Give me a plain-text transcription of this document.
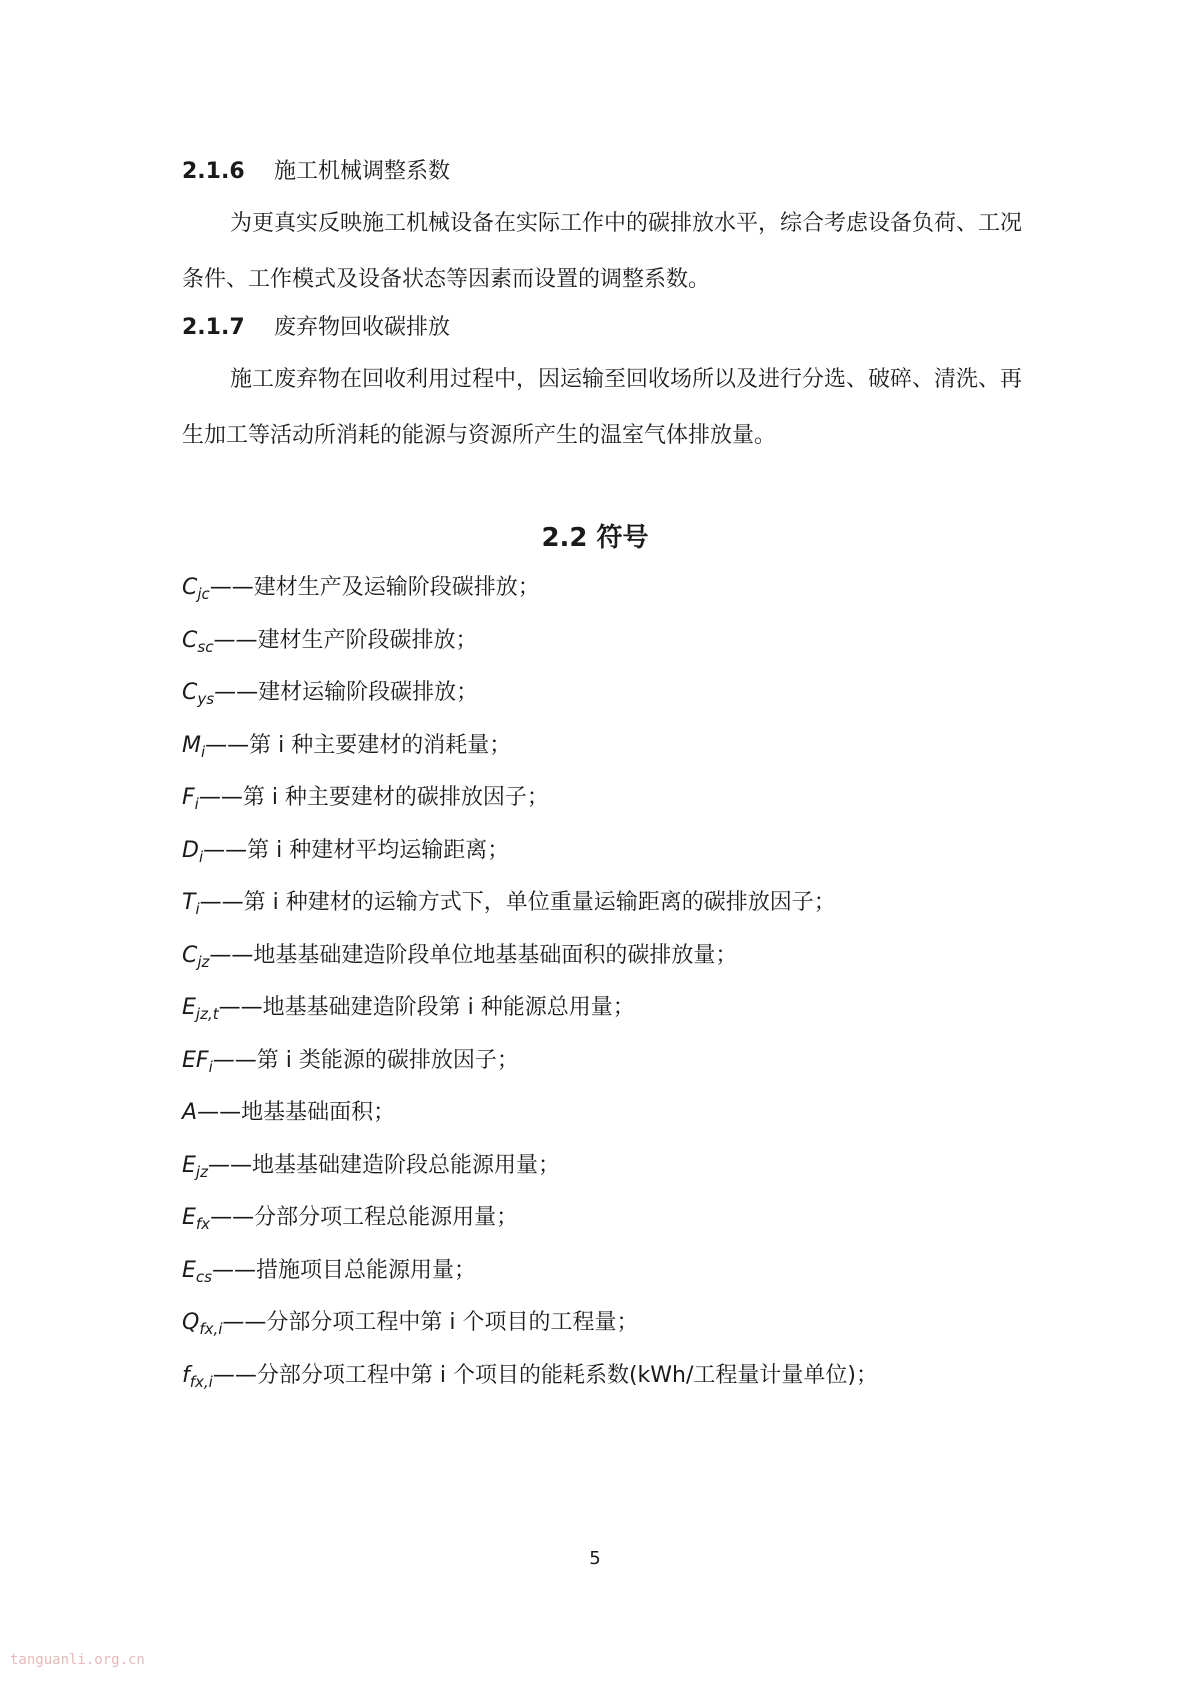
2.1.6 施工机械调整系数
为更真实反映施工机械设备在实际工作中的碳排放水平，综合考虑设备负荷、工况条件、工作模式及设备状态等因素而设置的调整系数。
2.1.7 废弃物回收碳排放
施工废弃物在回收利用过程中，因运输至回收场所以及进行分选、破碎、清洗、再生加工等活动所消耗的能源与资源所产生的温室气体排放量。
2.2 符号
$C_{jc}——$建材生产及运输阶段碳排放；
$C_{sc}——$建材生产阶段碳排放；
$C_{ys}——$建材运输阶段碳排放；
$M_i——$第 i 种主要建材的消耗量；
$F_i——$第 i 种主要建材的碳排放因子；
$D_i——$第 i 种建材平均运输距离；
$T_i——$第 i 种建材的运输方式下，单位重量运输距离的碳排放因子；
$C_{jz}——$地基基础建造阶段单位地基基础面积的碳排放量；
$E_{jz,t}——$地基基础建造阶段第 i 种能源总用量；
$EF_i——$第 i 类能源的碳排放因子；
A——地基基础面积；
$E_{jz}——$地基基础建造阶段总能源用量；
$E_{fx}——$分部分项工程总能源用量；
$E_{cs}——$措施项目总能源用量；
$Q_{fx,i}——$分部分项工程中第 i 个项目的工程量；
$f_{fx,i}——$分部分项工程中第 i 个项目的能耗系数(kWh/工程量计量单位)；
5
tanguanli.org.cn
